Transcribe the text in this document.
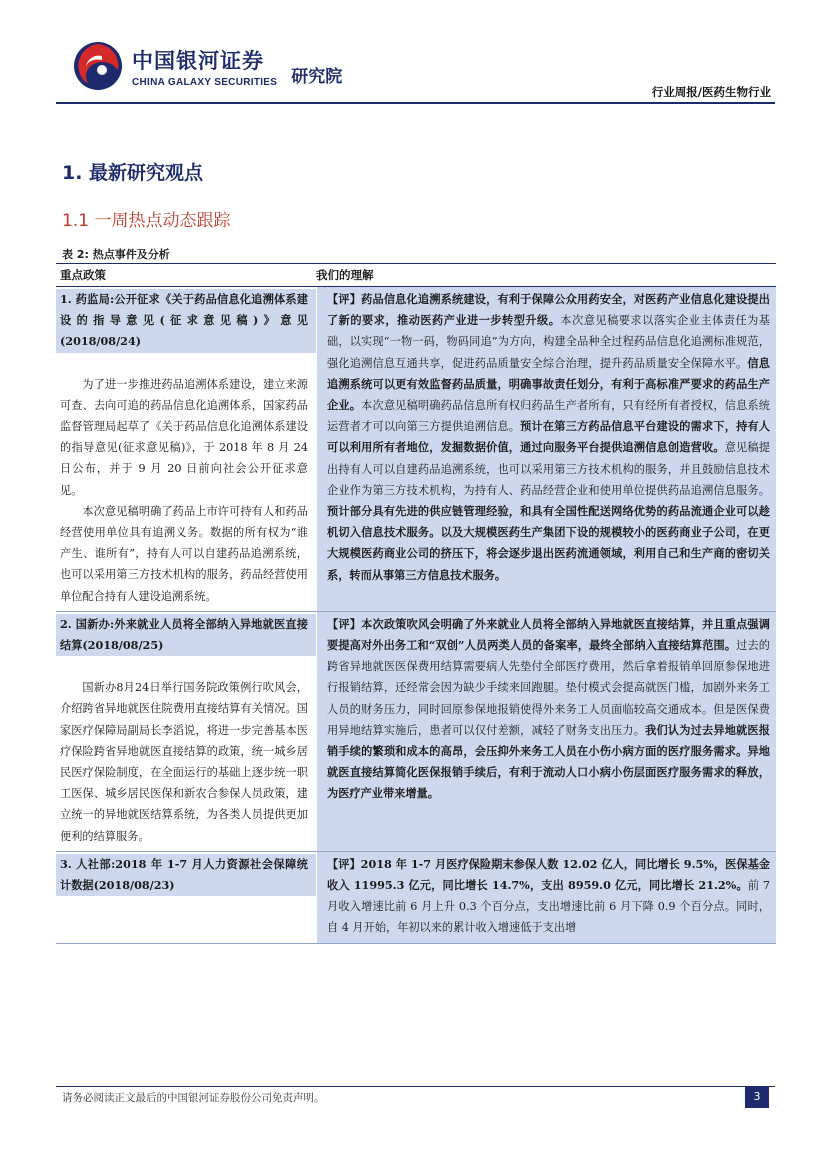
中国银河证券
CHINA GALAXY SECURITIES 研究院
行业周报/医药生物行业
1. 最新研究观点
1.1 一周热点动态跟踪
表 2: 热点事件及分析
重点政策	我们的理解
1. 药监局:公开征求《关于药品信息化追溯体系建设的指导意见(征求意见稿)》意见(2018/08/24)

为了进一步推进药品追溯体系建设，建立来源可查、去向可追的药品信息化追溯体系，国家药品监督管理局起草了《关于药品信息化追溯体系建设的指导意见(征求意见稿)》，于 2018 年 8 月 24 日公布，并于 9 月 20 日前向社会公开征求意见。

本次意见稿明确了药品上市许可持有人和药品经营使用单位具有追溯义务。数据的所有权为“谁产生、谁所有”，持有人可以自建药品追溯系统，也可以采用第三方技术机构的服务，药品经营使用单位配合持有人建设追溯系统。

【评】药品信息化追溯系统建设，有利于保障公众用药安全，对医药产业信息化建设提出了新的要求，推动医药产业进一步转型升级。本次意见稿要求以落实企业主体责任为基础，以实现“一物一码，物码同追”为方向，构建全品种全过程药品信息化追溯标准规范，强化追溯信息互通共享，促进药品质量安全综合治理，提升药品质量安全保障水平。信息追溯系统可以更有效监督药品质量，明确事故责任划分，有利于高标准严要求的药品生产企业。本次意见稿明确药品信息所有权归药品生产者所有，只有经所有者授权，信息系统运营者才可以向第三方提供追溯信息。预计在第三方药品信息平台建设的需求下，持有人可以利用所有者地位，发掘数据价值，通过向服务平台提供追溯信息创造营收。意见稿提出持有人可以自建药品追溯系统，也可以采用第三方技术机构的服务，并且鼓励信息技术企业作为第三方技术机构，为持有人、药品经营企业和使用单位提供药品追溯信息服务。预计部分具有先进的供应链管理经验，和具有全国性配送网络优势的药品流通企业可以趁机切入信息技术服务。以及大规模医药生产集团下设的规模较小的医药商业子公司，在更大规模医药商业公司的挤压下，将会逐步退出医药流通领域，利用自己和生产商的密切关系，转而从事第三方信息技术服务。
2. 国新办:外来就业人员将全部纳入异地就医直接结算(2018/08/25)

国新办8月24日举行国务院政策例行吹风会，介绍跨省异地就医住院费用直接结算有关情况。国家医疗保障局副局长李滔说，将进一步完善基本医疗保险跨省异地就医直接结算的政策，统一城乡居民医疗保险制度，在全面运行的基础上逐步统一职工医保、城乡居民医保和新农合参保人员政策，建立统一的异地就医结算系统，为各类人员提供更加便利的结算服务。

【评】本次政策吹风会明确了外来就业人员将全部纳入异地就医直接结算，并且重点强调要提高对外出务工和“双创”人员两类人员的备案率，最终全部纳入直接结算范围。过去的跨省异地就医医保费用结算需要病人先垫付全部医疗费用，然后拿着报销单回原参保地进行报销结算，还经常会因为缺少手续来回跑腿。垫付模式会提高就医门槛，加剧外来务工人员的财务压力，同时回原参保地报销使得外来务工人员面临较高交通成本。但是医保费用异地结算实施后，患者可以仅付差额，减轻了财务支出压力。我们认为过去异地就医报销手续的繁琐和成本的高昂，会压抑外来务工人员在小伤小病方面的医疗服务需求。异地就医直接结算简化医保报销手续后，有利于流动人口小病小伤层面医疗服务需求的释放，为医疗产业带来增量。
3. 人社部:2018 年 1-7 月人力资源社会保障统计数据(2018/08/23)
【评】2018 年 1-7 月医疗保险期末参保人数 12.02 亿人，同比增长 9.5%，医保基金收入 11995.3 亿元，同比增长 14.7%，支出 8959.0 亿元，同比增长 21.2%。前 7 月收入增速比前 6 月上升 0.3 个百分点，支出增速比前 6 月下降 0.9 个百分点。同时，自 4 月开始，年初以来的累计收入增速低于支出增
请务必阅读正文最后的中国银河证券股份公司免责声明。	3
